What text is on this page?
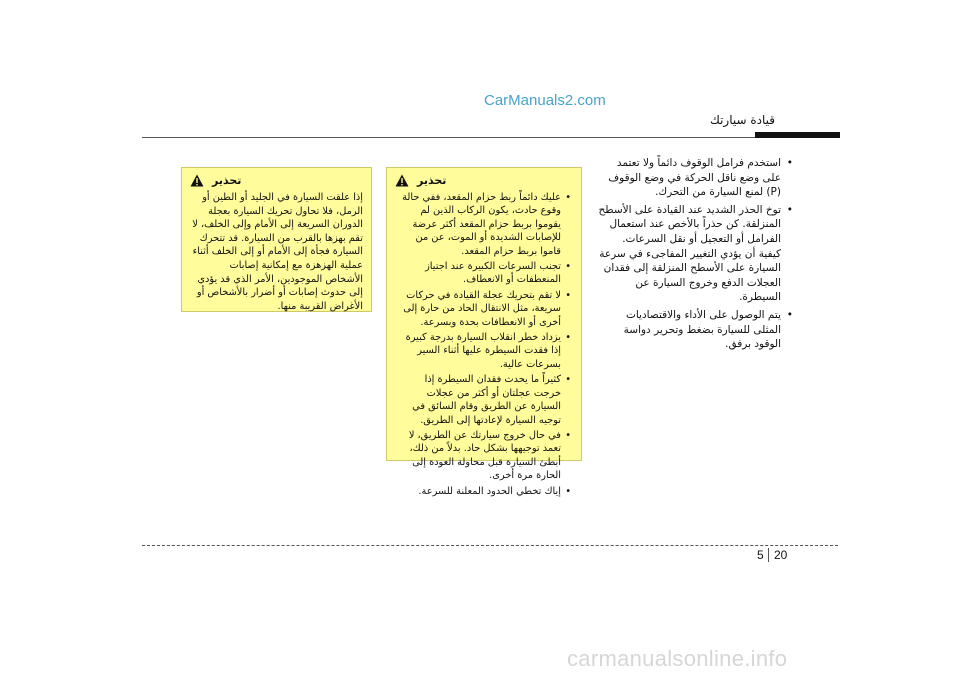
CarManuals2.com
قيادة سيارتك
• استخدم فرامل الوقوف دائماً ولا تعتمد على وضع ناقل الحركة في وضع الوقوف (P) لمنع السيارة من التحرك.
• توخ الحذر الشديد عند القيادة على الأسطح المنزلقة. كن حذراً بالأخص عند استعمال الفرامل أو التعجيل أو نقل السرعات. كيفية أن يؤدي التغيير المفاجىء في سرعة السيارة على الأسطح المنزلقة إلى فقدان العجلات الدفع وخروج السيارة عن السيطرة.
• يتم الوصول على الأداء والاقتصاديات المثلى للسيارة بضغط وتحرير دواسة الوقود برفق.
تحذير
• عليك دائماً ربط حزام المقعد، ففي حالة وقوع حادث، يكون الركاب الذين لم يقوموا بربط حزام المقعد أكثر عرضة للإصابات الشديدة أو الموت، عن من قاموا بربط حزام المقعد.
• تجنب السرعات الكبيرة عند اجتياز المنعطفات أو الانعطاف.
• لا تقم بتحريك عجلة القيادة في حركات سريعة، مثل الانتقال الحاد من حارة إلى أخرى أو الانعطافات بحدة وبسرعة.
• يزداد خطر انقلاب السيارة بدرجة كبيرة إذا فقدت السيطرة عليها أثناء السير بسرعات عالية.
• كثيراً ما يحدث فقدان السيطرة إذا خرجت عجلتان أو أكثر من عجلات السيارة عن الطريق وقام السائق في توجيه السيارة لإعادتها إلى الطريق.
• في حال خروج سيارتك عن الطريق، لا تعمد توجيهها بشكل حاد. بدلاً من ذلك، أبطئ السيارة قبل محاولة العودة إلى الحارة مرة أخرى.
• إياك تخطي الحدود المعلنة للسرعة.
تحذير

إذا علقت السيارة في الجليد أو الطين أو الرمل، فلا تحاول تحريك السيارة بعجلة الدوران السريعة إلى الأمام وإلى الخلف، لا تقم بهزها بالقرب من السيارة. قد تتحرك السيارة فجأة إلى الأمام أو إلى الخلف أثناء عملية الهزهزة مع إمكانية إصابات الأشخاص الموجودين، الأمر الذي قد يؤدي إلى حدوث إصابات أو أضرار بالأشخاص أو الأغراض القريبة منها.

5 20
carmanualsonline.info
